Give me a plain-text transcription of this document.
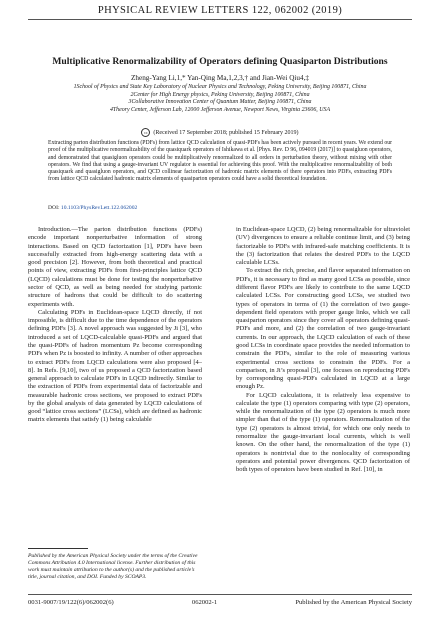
PHYSICAL REVIEW LETTERS 122, 062002 (2019)
Multiplicative Renormalizability of Operators defining Quasiparton Distributions
Zheng-Yang Li,1,* Yan-Qing Ma,1,2,3,† and Jian-Wei Qiu4,‡
1School of Physics and State Key Laboratory of Nuclear Physics and Technology, Peking University, Beijing 100871, China
2Center for High Energy physics, Peking University, Beijing 100871, China
3Collaborative Innovation Center of Quantum Matter, Beijing 100871, China
4Theory Center, Jefferson Lab, 12000 Jefferson Avenue, Newport News, Virginia 23606, USA
cc (Received 17 September 2018; published 15 February 2019)
Extracting parton distribution functions (PDFs) from lattice QCD calculation of quasi-PDFs has been actively pursued in recent years. We extend our proof of the multiplicative renormalizability of the quasiquark operators of Ishikawa et al. [Phys. Rev. D 96, 094019 (2017)] to quasigluon operators, and demonstrated that quasigluon operators could be multiplicatively renormalized to all orders in perturbation theory, without mixing with other operators. We find that using a gauge-invariant UV regulator is essential for achieving this proof. With the multiplicative renormalizability of both quasiquark and quasigluon operators, and QCD collinear factorization of hadronic matrix elements of there operators into PDFs, extracting PDFs from lattice QCD calculated hadronic matrix elements of quasiparton operators could have a solid theoretical foundation.
DOI: 10.1103/PhysRevLett.122.062002

Introduction.—The parton distribution functions (PDFs) encode important nonperturbative information of strong interactions. Based on QCD factorization [1], PDFs have been successfully extracted from high-energy scattering data with a good precision [2]. However, from both theoretical and practical points of view, extracting PDFs from first-principles lattice QCD (LQCD) calculations must be done for testing the nonperturbative sector of QCD, as well as being needed for studying partonic structure of hadrons that could be difficult to do scattering experiments with.

Calculating PDFs in Euclidean-space LQCD directly, if not impossible, is difficult due to the time dependence of the operators defining PDFs [3]. A novel approach was suggested by Ji [3], who introduced a set of LQCD-calculable quasi-PDFs and argued that the quasi-PDFs of hadron momentum Pz become corresponding PDFs when Pz is boosted to infinity. A number of other approaches to extract PDFs from LQCD calculations were also proposed [4–8]. In Refs. [9,10], two of us proposed a QCD factorization based general approach to calculate PDFs in LQCD indirectly. Similar to the extraction of PDFs from experimental data of factorizable and measurable hadronic cross sections, we proposed to extract PDFs by the global analysis of data generated by LQCD calculations of good “lattice cross sections” (LCSs), which are defined as hadronic matrix elements that satisfy (1) being calculable

in Euclidean-space LQCD, (2) being renormalizable for ultraviolet (UV) divergences to ensure a reliable continue limit, and (3) being factorizable to PDFs with infrared-safe matching coefficients. It is the (3) factorization that relates the desired PDFs to the LQCD calculable LCSs.

To extract the rich, precise, and flavor separated information on PDFs, it is necessary to find as many good LCSs as possible, since different flavor PDFs are likely to contribute to the same LQCD calculated LCSs. For constructing good LCSs, we studied two types of operators in terms of (1) the correlation of two gauge-dependent field operators with proper gauge links, which we call quasiparton operators since they cover all operators defining quasi-PDFs and more, and (2) the correlation of two gauge-invariant currents. In our approach, the LQCD calculation of each of these good LCSs in coordinate space provides the needed information to constrain the PDFs, similar to the role of measuring various experimental cross sections to constrain the PDFs. For a comparison, in Ji’s proposal [3], one focuses on reproducing PDFs by corresponding quasi-PDFs calculated in LQCD at a large enough Pz.

For LQCD calculations, it is relatively less expensive to calculate the type (1) operators comparing with type (2) operators, while the renormalization of the type (2) operators is much more simpler than that of the type (1) operators. Renormalization of the type (2) operators is almost trivial, for which one only needs to renormalize the gauge-invariant local currents, which is well known. On the other hand, the renormalization of the type (1) operators is nontrivial due to the nonlocality of corresponding operators and potential power divergences. QCD factorization of both types of operators have been studied in Ref. [10], in

Published by the American Physical Society under the terms of the Creative Commons Attribution 4.0 International license. Further distribution of this work must maintain attribution to the author(s) and the published article’s title, journal citation, and DOI. Funded by SCOAP3.
0031-9007/19/122(6)/062002(6)	062002-1	Published by the American Physical Society
